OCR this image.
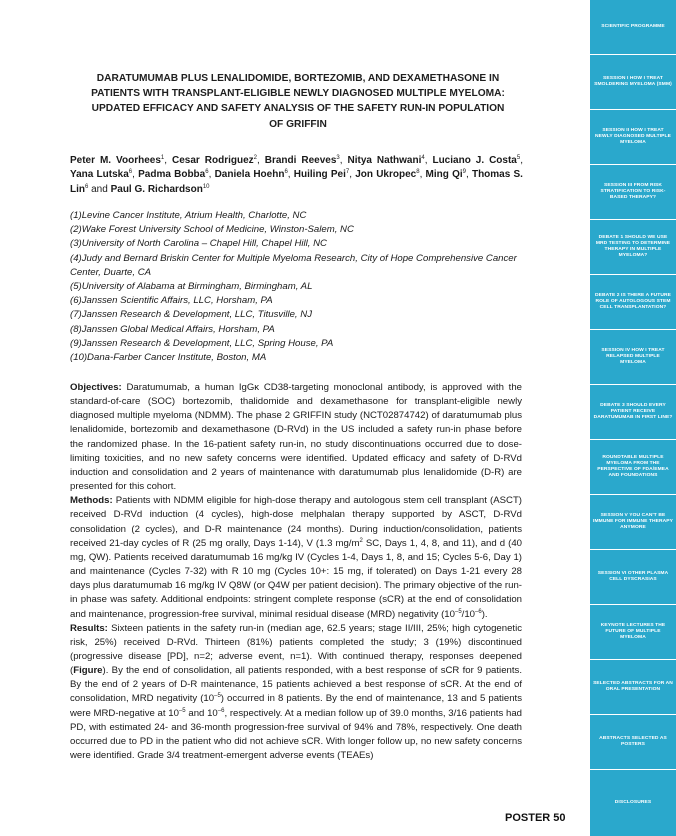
DARATUMUMAB PLUS LENALIDOMIDE, BORTEZOMIB, AND DEXAMETHASONE IN PATIENTS WITH TRANSPLANT-ELIGIBLE NEWLY DIAGNOSED MULTIPLE MYELOMA: UPDATED EFFICACY AND SAFETY ANALYSIS OF THE SAFETY RUN-IN POPULATION OF GRIFFIN
Peter M. Voorhees$^1$, Cesar Rodriguez$^2$, Brandi Reeves$^3$, Nitya Nathwani$^4$, Luciano J. Costa$^5$, Yana Lutska$^6$, Padma Bobba$^6$, Daniela Hoehn$^6$, Huiling Pei$^7$, Jon Ukropec$^8$, Ming Qi$^9$, Thomas S. Lin$^6$ and Paul G. Richardson$^{10}$
(1)Levine Cancer Institute, Atrium Health, Charlotte, NC
(2)Wake Forest University School of Medicine, Winston-Salem, NC
(3)University of North Carolina – Chapel Hill, Chapel Hill, NC
(4)Judy and Bernard Briskin Center for Multiple Myeloma Research, City of Hope Comprehensive Cancer Center, Duarte, CA
(5)University of Alabama at Birmingham, Birmingham, AL
(6)Janssen Scientific Affairs, LLC, Horsham, PA
(7)Janssen Research & Development, LLC, Titusville, NJ
(8)Janssen Global Medical Affairs, Horsham, PA
(9)Janssen Research & Development, LLC, Spring House, PA
(10)Dana-Farber Cancer Institute, Boston, MA

Objectives: Daratumumab, a human IgGκ CD38-targeting monoclonal antibody, is approved with the standard-of-care (SOC) bortezomib, thalidomide and dexamethasone for transplant-eligible newly diagnosed multiple myeloma (NDMM). The phase 2 GRIFFIN study (NCT02874742) of daratumumab plus lenalidomide, bortezomib and dexamethasone (D-RVd) in the US included a safety run-in phase before the randomized phase. In the 16-patient safety run-in, no study discontinuations occurred due to dose-limiting toxicities, and no new safety concerns were identified. Updated efficacy and safety of D-RVd induction and consolidation and 2 years of maintenance with daratumumab plus lenalidomide (D-R) are presented for this cohort.

Methods: Patients with NDMM eligible for high-dose therapy and autologous stem cell transplant (ASCT) received D-RVd induction (4 cycles), high-dose melphalan therapy supported by ASCT, D-RVd consolidation (2 cycles), and D-R maintenance (24 months). During induction/consolidation, patients received 21-day cycles of R (25 mg orally, Days 1-14), V (1.3 $mg/m^2$ SC, Days 1, 4, 8, and 11), and d (40 mg, QW). Patients received daratumumab 16 mg/kg IV (Cycles 1-4, Days 1, 8, and 15; Cycles 5-6, Day 1) and maintenance (Cycles 7-32) with R 10 mg (Cycles 10+: 15 mg, if tolerated) on Days 1-21 every 28 days plus daratumumab 16 mg/kg IV Q8W (or Q4W per patient decision). The primary objective of the run-in phase was safety. Additional endpoints: stringent complete response (sCR) at the end of consolidation and maintenance, progression-free survival, minimal residual disease (MRD) negativity $(10^{-5}/10^{-6})$.

Results: Sixteen patients in the safety run-in (median age, 62.5 years; stage II/III, 25%; high cytogenetic risk, 25%) received D-RVd. Thirteen (81%) patients completed the study; 3 (19%) discontinued (progressive disease [PD], n=2; adverse event, n=1). With continued therapy, responses deepened (Figure). By the end of consolidation, all patients responded, with a best response of sCR for 9 patients. By the end of 2 years of D-R maintenance, 15 patients achieved a best response of sCR. At the end of consolidation, MRD negativity $(10^{-5})$ occurred in 8 patients. By the end of maintenance, 13 and 5 patients were MRD-negative at $10^{-5}$ and $10^{-6}$, respectively. At a median follow up of 39.0 months, 3/16 patients had PD, with estimated 24- and 36-month progression-free survival of 94% and 78%, respectively. One death occurred due to PD in the patient who did not achieve sCR. With longer follow up, no new safety concerns were identified. Grade 3/4 treatment-emergent adverse events (TEAEs)

POSTER 50
SCIENTIFIC PROGRAMME
SESSION I HOW I TREAT SMOLDERING MYELOMA (SMM)
SESSION II HOW I TREAT NEWLY DIAGNOSED MULTIPLE MYELOMA
SESSION III FROM RISK STRATIFICATION TO RISK-BASED THERAPY?
DEBATE 1 SHOULD WE USE MRD TESTING TO DETERMINE THERAPY IN MULTIPLE MYELOMA?
DEBATE 2 IS THERE A FUTURE ROLE OF AUTOLOGOUS STEM CELL TRANSPLANTATION?
SESSION IV HOW I TREAT RELAPSED MULTIPLE MYELOMA
DEBATE 3 SHOULD EVERY PATIENT RECEIVE DARATUMUMAB IN FIRST LINE?
ROUNDTABLE MULTIPLE MYELOMA FROM THE PERSPECTIVE OF FDA/EMEA AND FOUNDATIONS
SESSION V YOU CAN'T BE IMMUNE FOR IMMUNE THERAPY ANYMORE
SESSION VI OTHER PLASMA CELL DYSCRASIAS
KEYNOTE LECTURES THE FUTURE OF MULTIPLE MYELOMA
SELECTED ABSTRACTS FOR AN ORAL PRESENTATION
ABSTRACTS SELECTED AS POSTERS
DISCLOSURES
